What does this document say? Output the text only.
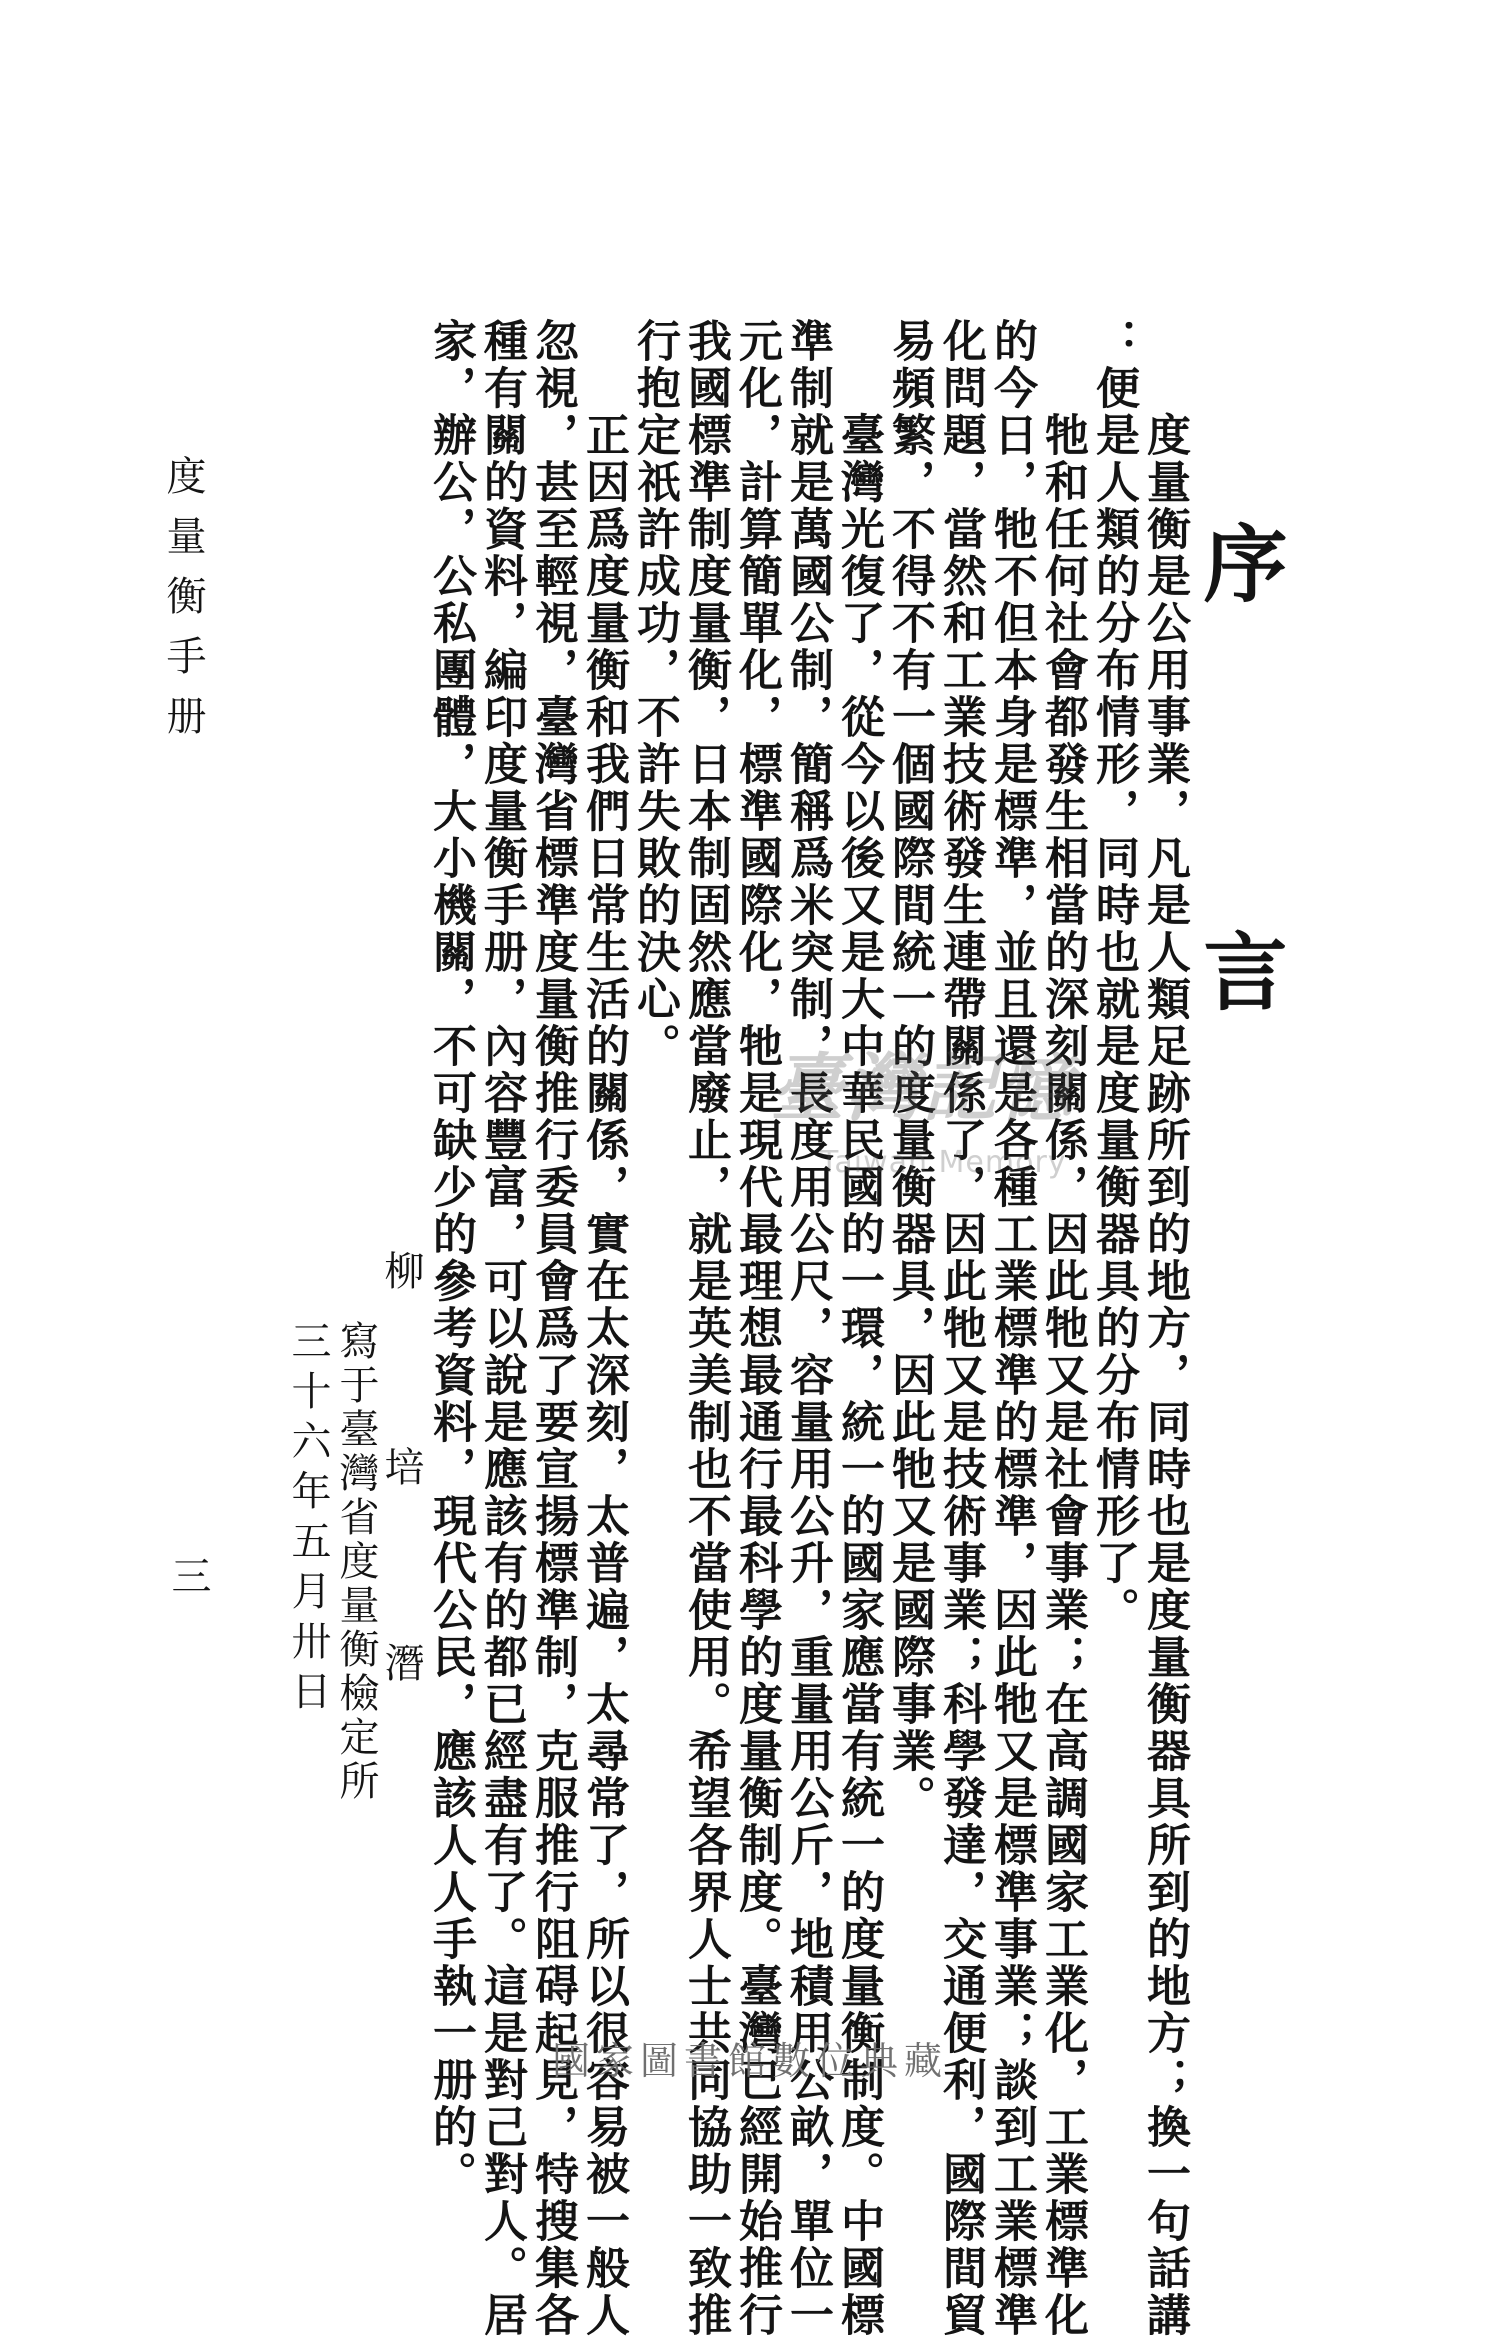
序　言
　　度量衡是公用事業，凡是人類足跡所到的地方，同時也是度量衡器具所到的地方；換一句話講
：便是人類的分布情形，同時也就是度量衡器具的分布情形了。
　　牠和任何社會都發生相當的深刻關係，因此牠又是社會事業；在高調國家工業化，工業標準化
的今日，牠不但本身是標準，並且還是各種工業標準的標準，因此牠又是標準事業；談到工業標準
化問題，當然和工業技術發生連帶關係了，因此牠又是技術事業；科學發達，交通便利，國際間貿
易頻繁，不得不有一個國際間統一的度量衡器具，因此牠又是國際事業。
　　臺灣光復了，從今以後又是大中華民國的一環，統一的國家應當有統一的度量衡制度。中國標
準制就是萬國公制，簡稱爲米突制，長度用公尺，容量用公升，重量用公斤，地積用公畝，單位一
元化，計算簡單化，標準國際化，牠是現代最理想最通行最科學的度量衡制度。臺灣已經開始推行
我國標準制度量衡，日本制固然應當廢止，就是英美制也不當使用。希望各界人士共同協助一致推
行抱定祇許成功，不許失敗的決心。
　　正因爲度量衡和我們日常生活的關係，實在太深刻，太普遍，太尋常了，所以很容易被一般人
忽視，甚至輕視，臺灣省標準度量衡推行委員會爲了要宣揚標準制，克服推行阻碍起見，特搜集各
種有關的資料，編印度量衡手册，內容豐富，可以說是應該有的都已經盡有了。這是對己對人。居
家，辦公，公私團體，大小機關，不可缺少的參考資料，現代公民，應該人人手執一册的。
柳　培　潛
寫于臺灣省度量衡檢定所
三十六年五月卅日
度量衡手册
三
臺灣記憶
Taiwan Memory
國家圖書館數位典藏
